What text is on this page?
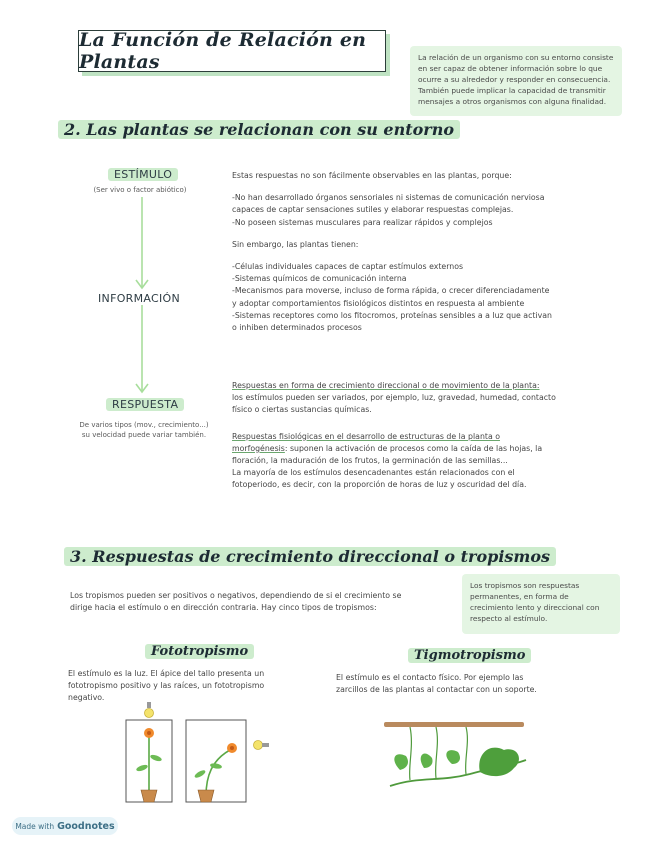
La Función de Relación en Plantas	La relación de un organismo con su entorno consiste
en ser capaz de obtener información sobre lo que
ocurre a su alrededor y responder en consecuencia.
También puede implicar la capacidad de transmitir
mensajes a otros organismos con alguna finalidad.
2. Las plantas se relacionan con su entorno
ESTÍMULO
(Ser vivo o factor abiótico)
INFORMACIÓN
RESPUESTA
De varios tipos (mov., crecimiento...)
su velocidad puede variar también.
Estas respuestas no son fácilmente observables en las plantas, porque:
-No han desarrollado órganos sensoriales ni sistemas de comunicación nerviosa
capaces de captar sensaciones sutiles y elaborar respuestas complejas.
-No poseen sistemas musculares para realizar rápidos y complejos
Sin embargo, las plantas tienen:
-Células individuales capaces de captar estímulos externos
-Sistemas químicos de comunicación interna
-Mecanismos para moverse, incluso de forma rápida, o crecer diferenciadamente
y adoptar comportamientos fisiológicos distintos en respuesta al ambiente
-Sistemas receptores como los fitocromos, proteínas sensibles a a luz que activan
o inhiben determinados procesos
Respuestas en forma de crecimiento direccional o de movimiento de la planta:
los estímulos pueden ser variados, por ejemplo, luz, gravedad, humedad, contacto
físico o ciertas sustancias químicas.
Respuestas fisiológicas en el desarrollo de estructuras de la planta o
morfogénesis: suponen la activación de procesos como la caída de las hojas, la
floración, la maduración de los frutos, la germinación de las semillas...
La mayoría de los estímulos desencadenantes están relacionados con el
fotoperiodo, es decir, con la proporción de horas de luz y oscuridad del día.
3. Respuestas de crecimiento direccional o tropismos
Los tropismos pueden ser positivos o negativos, dependiendo de si el crecimiento se
dirige hacia el estímulo o en dirección contraria. Hay cinco tipos de tropismos:
Los tropismos son respuestas
permanentes, en forma de
crecimiento lento y direccional con
respecto al estímulo.
Fototropismo
El estímulo es la luz. El ápice del tallo presenta un
fototropismo positivo y las raíces, un fototropismo
negativo.
Tigmotropismo
El estímulo es el contacto físico. Por ejemplo las
zarcillos de las plantas al contactar con un soporte.
Made with Goodnotes
